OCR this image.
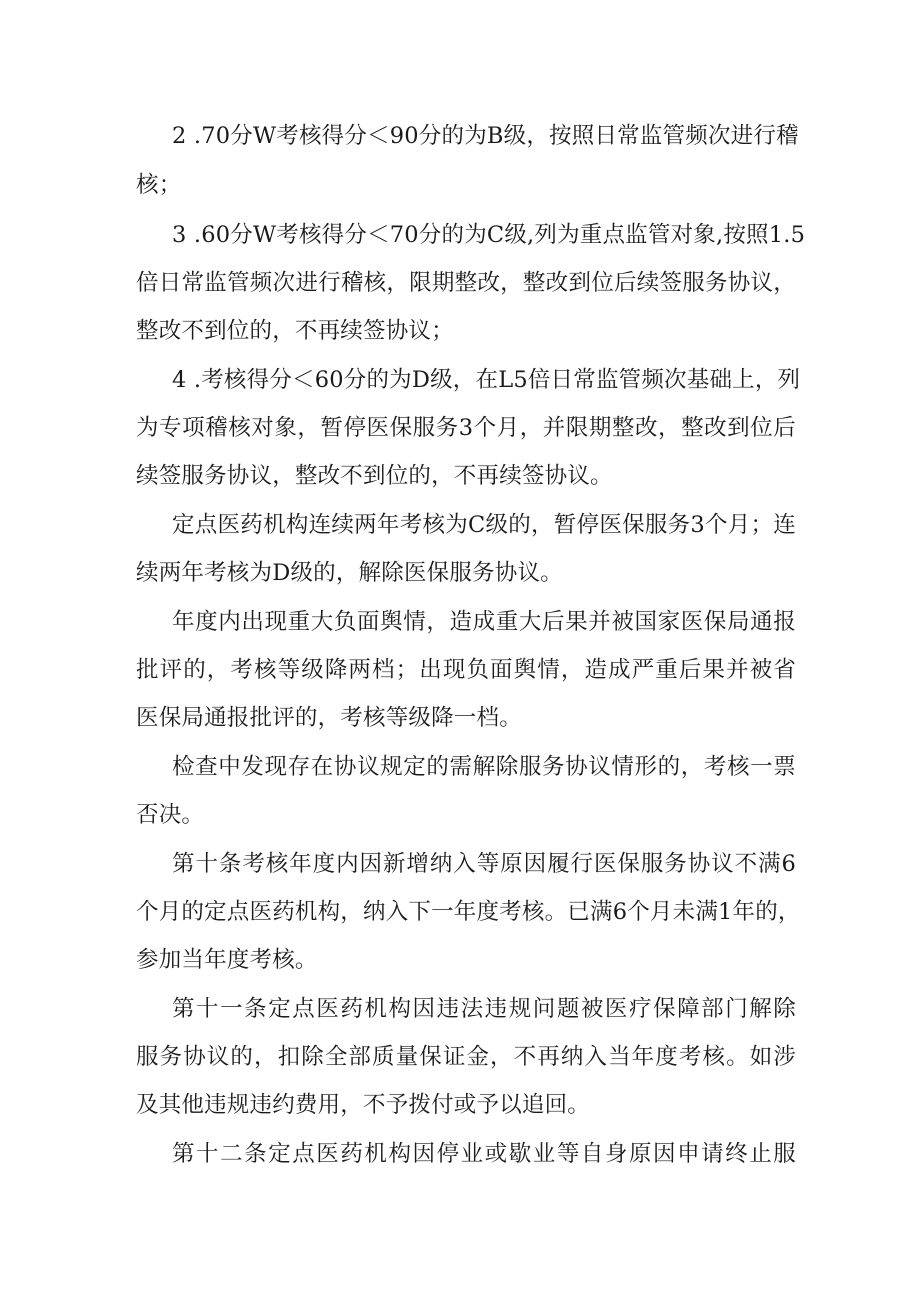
2 .70分W考核得分＜90分的为B级，按照日常监管频次进行稽
核；
3 .60分W考核得分＜70分的为C级,列为重点监管对象,按照1.5
倍日常监管频次进行稽核，限期整改，整改到位后续签服务协议，
整改不到位的，不再续签协议；
4 .考核得分＜60分的为D级，在L5倍日常监管频次基础上，列
为专项稽核对象，暂停医保服务3个月，并限期整改，整改到位后
续签服务协议，整改不到位的，不再续签协议。
定点医药机构连续两年考核为C级的，暂停医保服务3个月；连
续两年考核为D级的，解除医保服务协议。
年度内出现重大负面舆情，造成重大后果并被国家医保局通报
批评的，考核等级降两档；出现负面舆情，造成严重后果并被省
医保局通报批评的，考核等级降一档。
检查中发现存在协议规定的需解除服务协议情形的，考核一票
否决。
第十条考核年度内因新增纳入等原因履行医保服务协议不满6
个月的定点医药机构，纳入下一年度考核。已满6个月未满1年的，
参加当年度考核。
第十一条定点医药机构因违法违规问题被医疗保障部门解除
服务协议的，扣除全部质量保证金，不再纳入当年度考核。如涉
及其他违规违约费用，不予拨付或予以追回。
第十二条定点医药机构因停业或歇业等自身原因申请终止服
